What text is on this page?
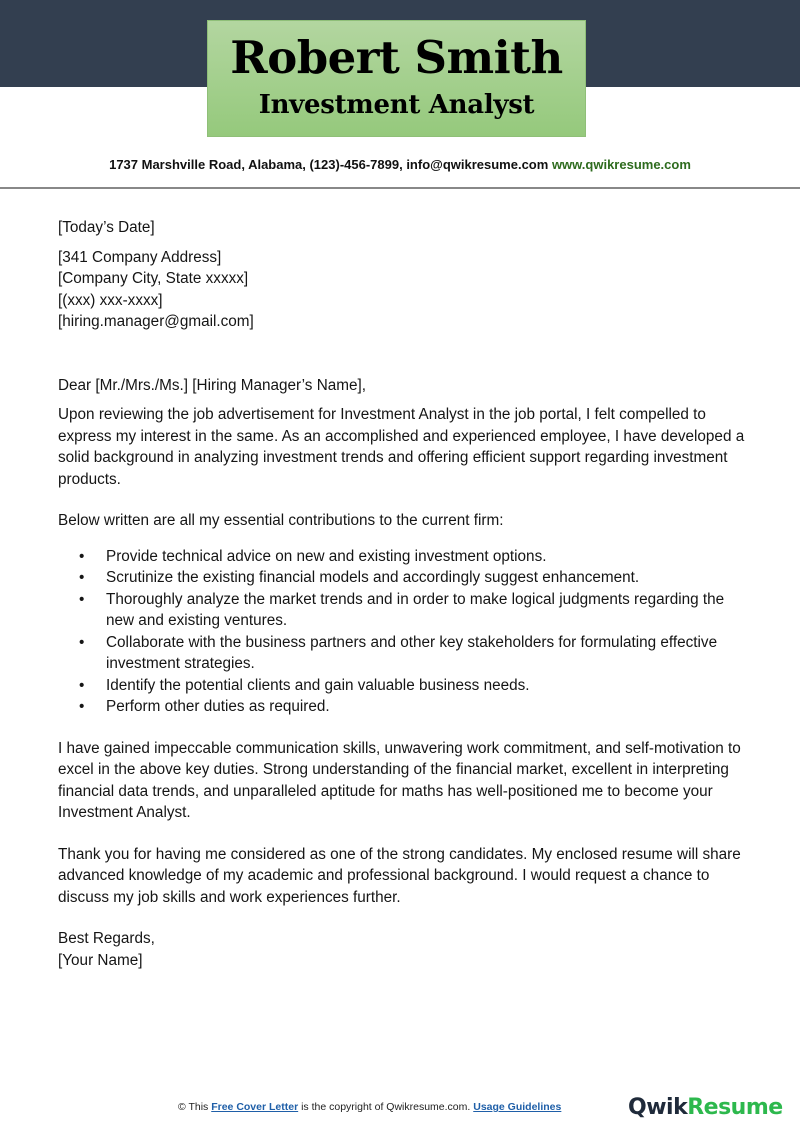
Robert Smith
Investment Analyst
1737 Marshville Road, Alabama, (123)-456-7899, info@qwikresume.com www.qwikresume.com

[Today’s Date]

[341 Company Address]

[Company City, State xxxxx]

[(xxx) xxx-xxxx]

[hiring.manager@gmail.com]

Dear [Mr./Mrs./Ms.] [Hiring Manager’s Name],

Upon reviewing the job advertisement for Investment Analyst in the job portal, I felt compelled to express my interest in the same. As an accomplished and experienced employee, I have developed a solid background in analyzing investment trends and offering efficient support regarding investment products.

Below written are all my essential contributions to the current firm:

• Provide technical advice on new and existing investment options.
• Scrutinize the existing financial models and accordingly suggest enhancement.
• Thoroughly analyze the market trends and in order to make logical judgments regarding the new and existing ventures.
• Collaborate with the business partners and other key stakeholders for formulating effective investment strategies.
• Identify the potential clients and gain valuable business needs.
• Perform other duties as required.

I have gained impeccable communication skills, unwavering work commitment, and self-motivation to excel in the above key duties. Strong understanding of the financial market, excellent in interpreting financial data trends, and unparalleled aptitude for maths has well-positioned me to become your Investment Analyst.

Thank you for having me considered as one of the strong candidates. My enclosed resume will share advanced knowledge of my academic and professional background. I would request a chance to discuss my job skills and work experiences further.

Best Regards,

[Your Name]

© This Free Cover Letter is the copyright of Qwikresume.com. Usage Guidelines	QwikResume
